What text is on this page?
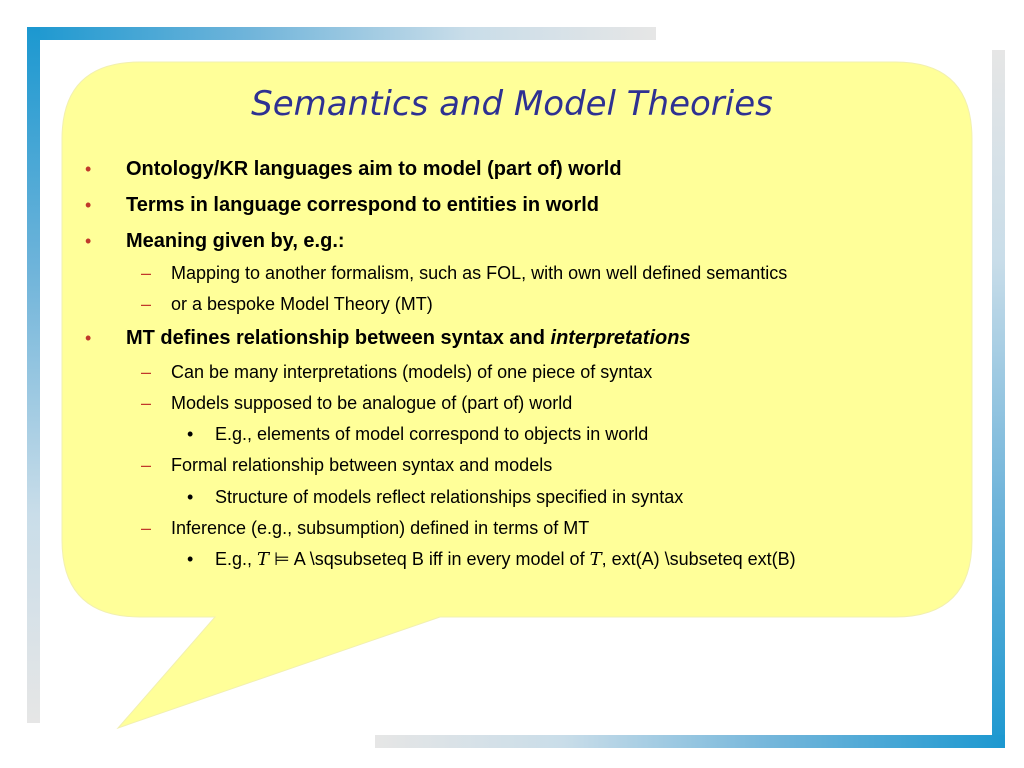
Semantics and Model Theories
• Ontology/KR languages aim to model (part of) world
• Terms in language correspond to entities in world
• Meaning given by, e.g.:
– Mapping to another formalism, such as FOL, with own well defined semantics
– or a bespoke Model Theory (MT)
• MT defines relationship between syntax and interpretations
– Can be many interpretations (models) of one piece of syntax
– Models supposed to be analogue of (part of) world
• E.g., elements of model correspond to objects in world
– Formal relationship between syntax and models
• Structure of models reflect relationships specified in syntax
– Inference (e.g., subsumption) defined in terms of MT
• E.g., T ⊨ A \sqsubseteq B iff in every model of T, ext(A) \subseteq ext(B)
